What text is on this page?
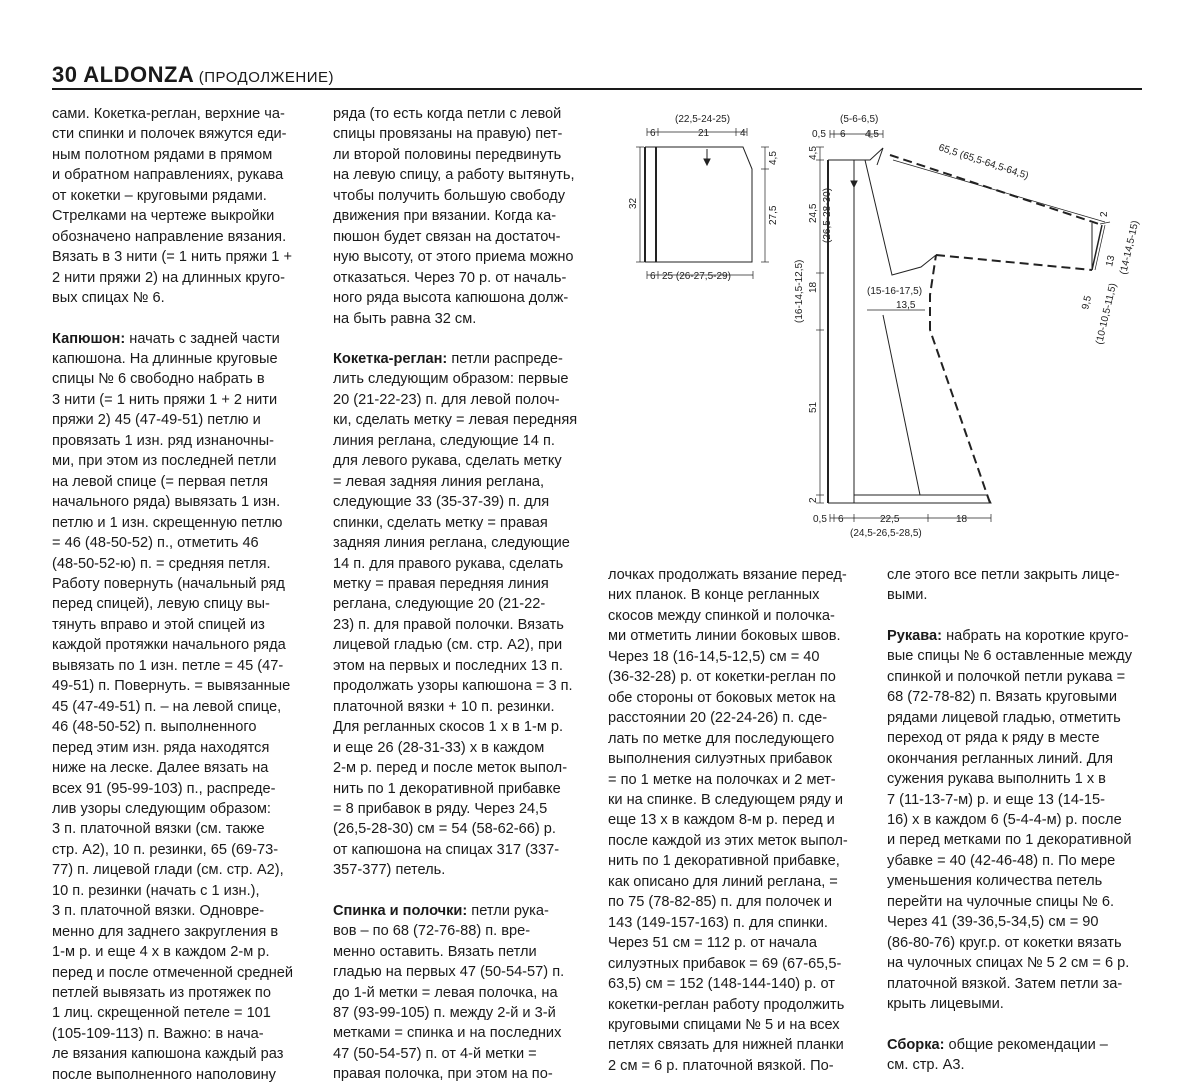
30 ALDONZA (ПРОДОЛЖЕНИЕ)
сами. Кокетка-реглан, верхние ча-
сти спинки и полочек вяжутся еди-
ным полотном рядами в прямом
и обратном направлениях, рукава
от кокетки – круговыми рядами.
Стрелками на чертеже выкройки
обозначено направление вязания.
Вязать в 3 нити (= 1 нить пряжи 1 +
2 нити пряжи 2) на длинных круго-
вых спицах № 6.

Капюшон: начать с задней части
капюшона. На длинные круговые
спицы № 6 свободно набрать в
3 нити (= 1 нить пряжи 1 + 2 нити
пряжи 2) 45 (47-49-51) петлю и
провязать 1 изн. ряд изнаночны-
ми, при этом из последней петли
на левой спице (= первая петля
начального ряда) вывязать 1 изн.
петлю и 1 изн. скрещенную петлю
= 46 (48-50-52) п., отметить 46
(48-50-52-ю) п. = средняя петля.
Работу повернуть (начальный ряд
перед спицей), левую спицу вы-
тянуть вправо и этой спицей из
каждой протяжки начального ряда
вывязать по 1 изн. петле = 45 (47-
49-51) п. Повернуть. = вывязанные
45 (47-49-51) п. – на левой спице,
46 (48-50-52) п. выполненного
перед этим изн. ряда находятся
ниже на леске. Далее вязать на
всех 91 (95-99-103) п., распреде-
лив узоры следующим образом:
3 п. платочной вязки (см. также
стр. А2), 10 п. резинки, 65 (69-73-
77) п. лицевой глади (см. стр. А2),
10 п. резинки (начать с 1 изн.),
3 п. платочной вязки. Одновре-
менно для заднего закругления в
1-м р. и еще 4 х в каждом 2-м р.
перед и после отмеченной средней
петлей вывязать из протяжек по
1 лиц. скрещенной петеле = 101
(105-109-113) п. Важно: в нача-
ле вязания капюшона каждый раз
после выполненного наполовину

ряда (то есть когда петли с левой
спицы провязаны на правую) пет-
ли второй половины передвинуть
на левую спицу, а работу вытянуть,
чтобы получить большую свободу
движения при вязании. Когда ка-
пюшон будет связан на достаточ-
ную высоту, от этого приема можно
отказаться. Через 70 р. от началь-
ного ряда высота капюшона долж-
на быть равна 32 см.

Кокетка-реглан: петли распреде-
лить следующим образом: первые
20 (21-22-23) п. для левой полоч-
ки, сделать метку = левая передняя
линия реглана, следующие 14 п.
для левого рукава, сделать метку
= левая задняя линия реглана,
следующие 33 (35-37-39) п. для
спинки, сделать метку = правая
задняя линия реглана, следующие
14 п. для правого рукава, сделать
метку = правая передняя линия
реглана, следующие 20 (21-22-
23) п. для правой полочки. Вязать
лицевой гладью (см. стр. А2), при
этом на первых и последних 13 п.
продолжать узоры капюшона = 3 п.
платочной вязки + 10 п. резинки.
Для регланных скосов 1 х в 1-м р.
и еще 26 (28-31-33) х в каждом
2-м р. перед и после меток выпол-
нить по 1 декоративной прибавке
= 8 прибавок в ряду. Через 24,5
(26,5-28-30) см = 54 (58-62-66) р.
от капюшона на спицах 317 (337-
357-377) петель.

Спинка и полочки: петли рука-
вов – по 68 (72-76-88) п. вре-
менно оставить. Вязать петли
гладью на первых 47 (50-54-57) п.
до 1-й метки = левая полочка, на
87 (93-99-105) п. между 2-й и 3-й
метками = спинка и на последних
47 (50-54-57) п. от 4-й метки =
правая полочка, при этом на по-

лочках продолжать вязание перед-
них планок. В конце регланных
скосов между спинкой и полочка-
ми отметить линии боковых швов.
Через 18 (16-14,5-12,5) см = 40
(36-32-28) р. от кокетки-реглан по
обе стороны от боковых меток на
расстоянии 20 (22-24-26) п. сде-
лать по метке для последующего
выполнения силуэтных прибавок
= по 1 метке на полочках и 2 мет-
ки на спинке. В следующем ряду и
еще 13 х в каждом 8-м р. перед и
после каждой из этих меток выпол-
нить по 1 декоративной прибавке,
как описано для линий реглана, =
по 75 (78-82-85) п. для полочек и
143 (149-157-163) п. для спинки.
Через 51 см = 112 р. от начала
силуэтных прибавок = 69 (67-65,5-
63,5) см = 152 (148-144-140) р. от
кокетки-реглан работу продолжить
круговыми спицами № 5 и на всех
петлях связать для нижней планки
2 см = 6 р. платочной вязкой. По-
сле этого все петли закрыть лице-
выми.

Рукава: набрать на короткие круго-
вые спицы № 6 оставленные между
спинкой и полочкой петли рукава =
68 (72-78-82) п. Вязать круговыми
рядами лицевой гладью, отметить
переход от ряда к ряду в месте
окончания регланных линий. Для
сужения рукава выполнить 1 х в
7 (11-13-7-м) р. и еще 13 (14-15-
16) х в каждом 6 (5-4-4-м) р. после
и перед метками по 1 декоративной
убавке = 40 (42-46-48) п. По мере
уменьшения количества петель
перейти на чулочные спицы № 6.
Через 41 (39-36,5-34,5) см = 90
(86-80-76) круг.р. от кокетки вязать
на чулочных спицах № 5 2 см = 6 р.
платочной вязкой. Затем петли за-
крыть лицевыми.

Сборка: общие рекомендации –
см. стр. А3.

(22,5-24-25)
6	21	4
32
4,5
27,5
6 25 (26-27,5-29)
(5-6-6,5)
0,5 6 4,5
65,5 (65,5-64,5-64,5)
2
13 (14-14,5-15)
9,5 (10-10,5-11,5)
4,5
24,5 (26,5-28-30)
18
(16-14,5-12,5)
51
2
(15-16-17,5)
13,5
0,5 6	22,5	18
(24,5-26,5-28,5)
